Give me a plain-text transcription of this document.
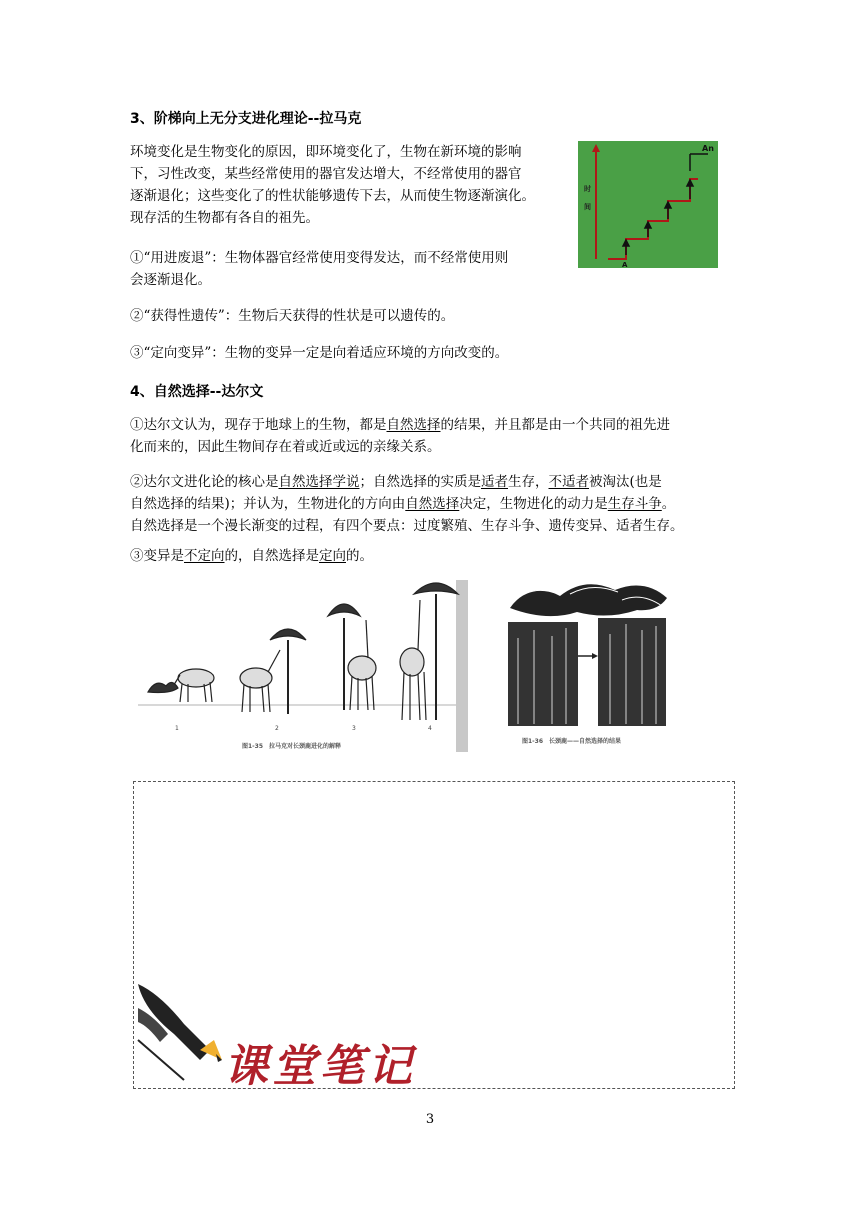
3、阶梯向上无分支进化理论--拉马克
环境变化是生物变化的原因，即环境变化了，生物在新环境的影响
下，习性改变，某些经常使用的器官发达增大，不经常使用的器官
逐渐退化；这些变化了的性状能够遗传下去，从而使生物逐渐演化。
现存活的生物都有各自的祖先。
①“用进废退”：生物体器官经常使用变得发达，而不经常使用则
会逐渐退化。
②“获得性遗传”：生物后天获得的性状是可以遗传的。
③“定向变异”：生物的变异一定是向着适应环境的方向改变的。
时
间
An
A
4、自然选择--达尔文
①达尔文认为，现存于地球上的生物，都是自然选择的结果，并且都是由一个共同的祖先进
化而来的，因此生物间存在着或近或远的亲缘关系。
②达尔文进化论的核心是自然选择学说；自然选择的实质是适者生存，不适者被淘汰(也是
自然选择的结果)；并认为，生物进化的方向由自然选择决定，生物进化的动力是生存斗争。
自然选择是一个漫长渐变的过程，有四个要点：过度繁殖、生存斗争、遗传变异、适者生存。
③变异是不定向的，自然选择是定向的。
1	2	3	4
图1-35　拉马克对长颈鹿进化的解释
图1-36　长颈鹿——自然选择的结果
课堂笔记
3
